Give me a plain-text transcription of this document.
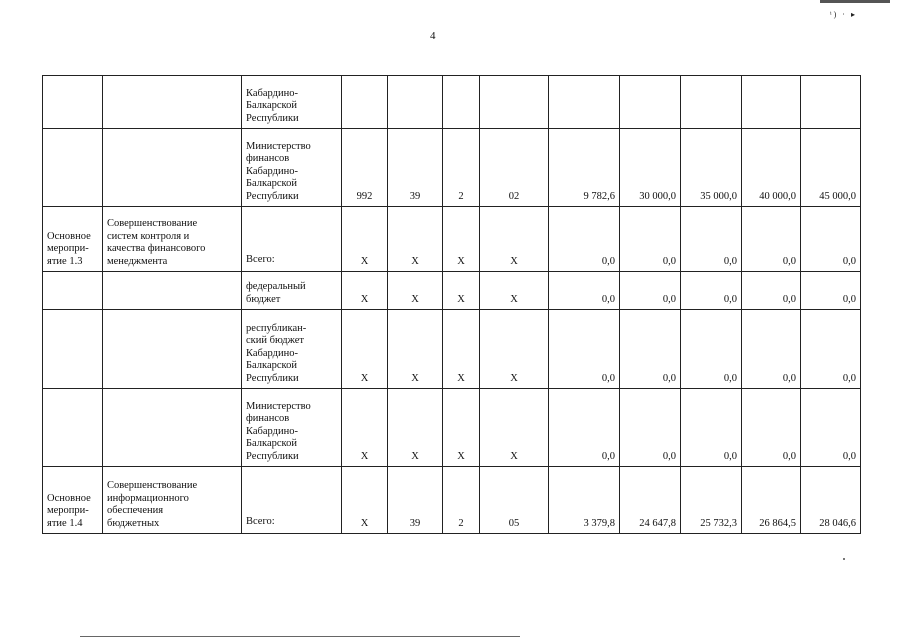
ⁱ) · ▸
4
		Кабардино-
Балкарской
Республики									
		Министерство
финансов
Кабардино-
Балкарской
Республики	992	39	2	02	9 782,6	30 000,0	35 000,0	40 000,0	45 000,0
Основное
меропри-
ятие 1.3	Совершенствование
систем контроля и
качества финансового
менеджмента	Всего:	X	X	X	X	0,0	0,0	0,0	0,0	0,0
		федеральный
бюджет	X	X	X	X	0,0	0,0	0,0	0,0	0,0
		республикан-
ский бюджет
Кабардино-
Балкарской
Республики	X	X	X	X	0,0	0,0	0,0	0,0	0,0
		Министерство
финансов
Кабардино-
Балкарской
Республики	X	X	X	X	0,0	0,0	0,0	0,0	0,0
Основное
меропри-
ятие 1.4	Совершенствование
информационного
обеспечения
бюджетных	Всего:	X	39	2	05	3 379,8	24 647,8	25 732,3	26 864,5	28 046,6
